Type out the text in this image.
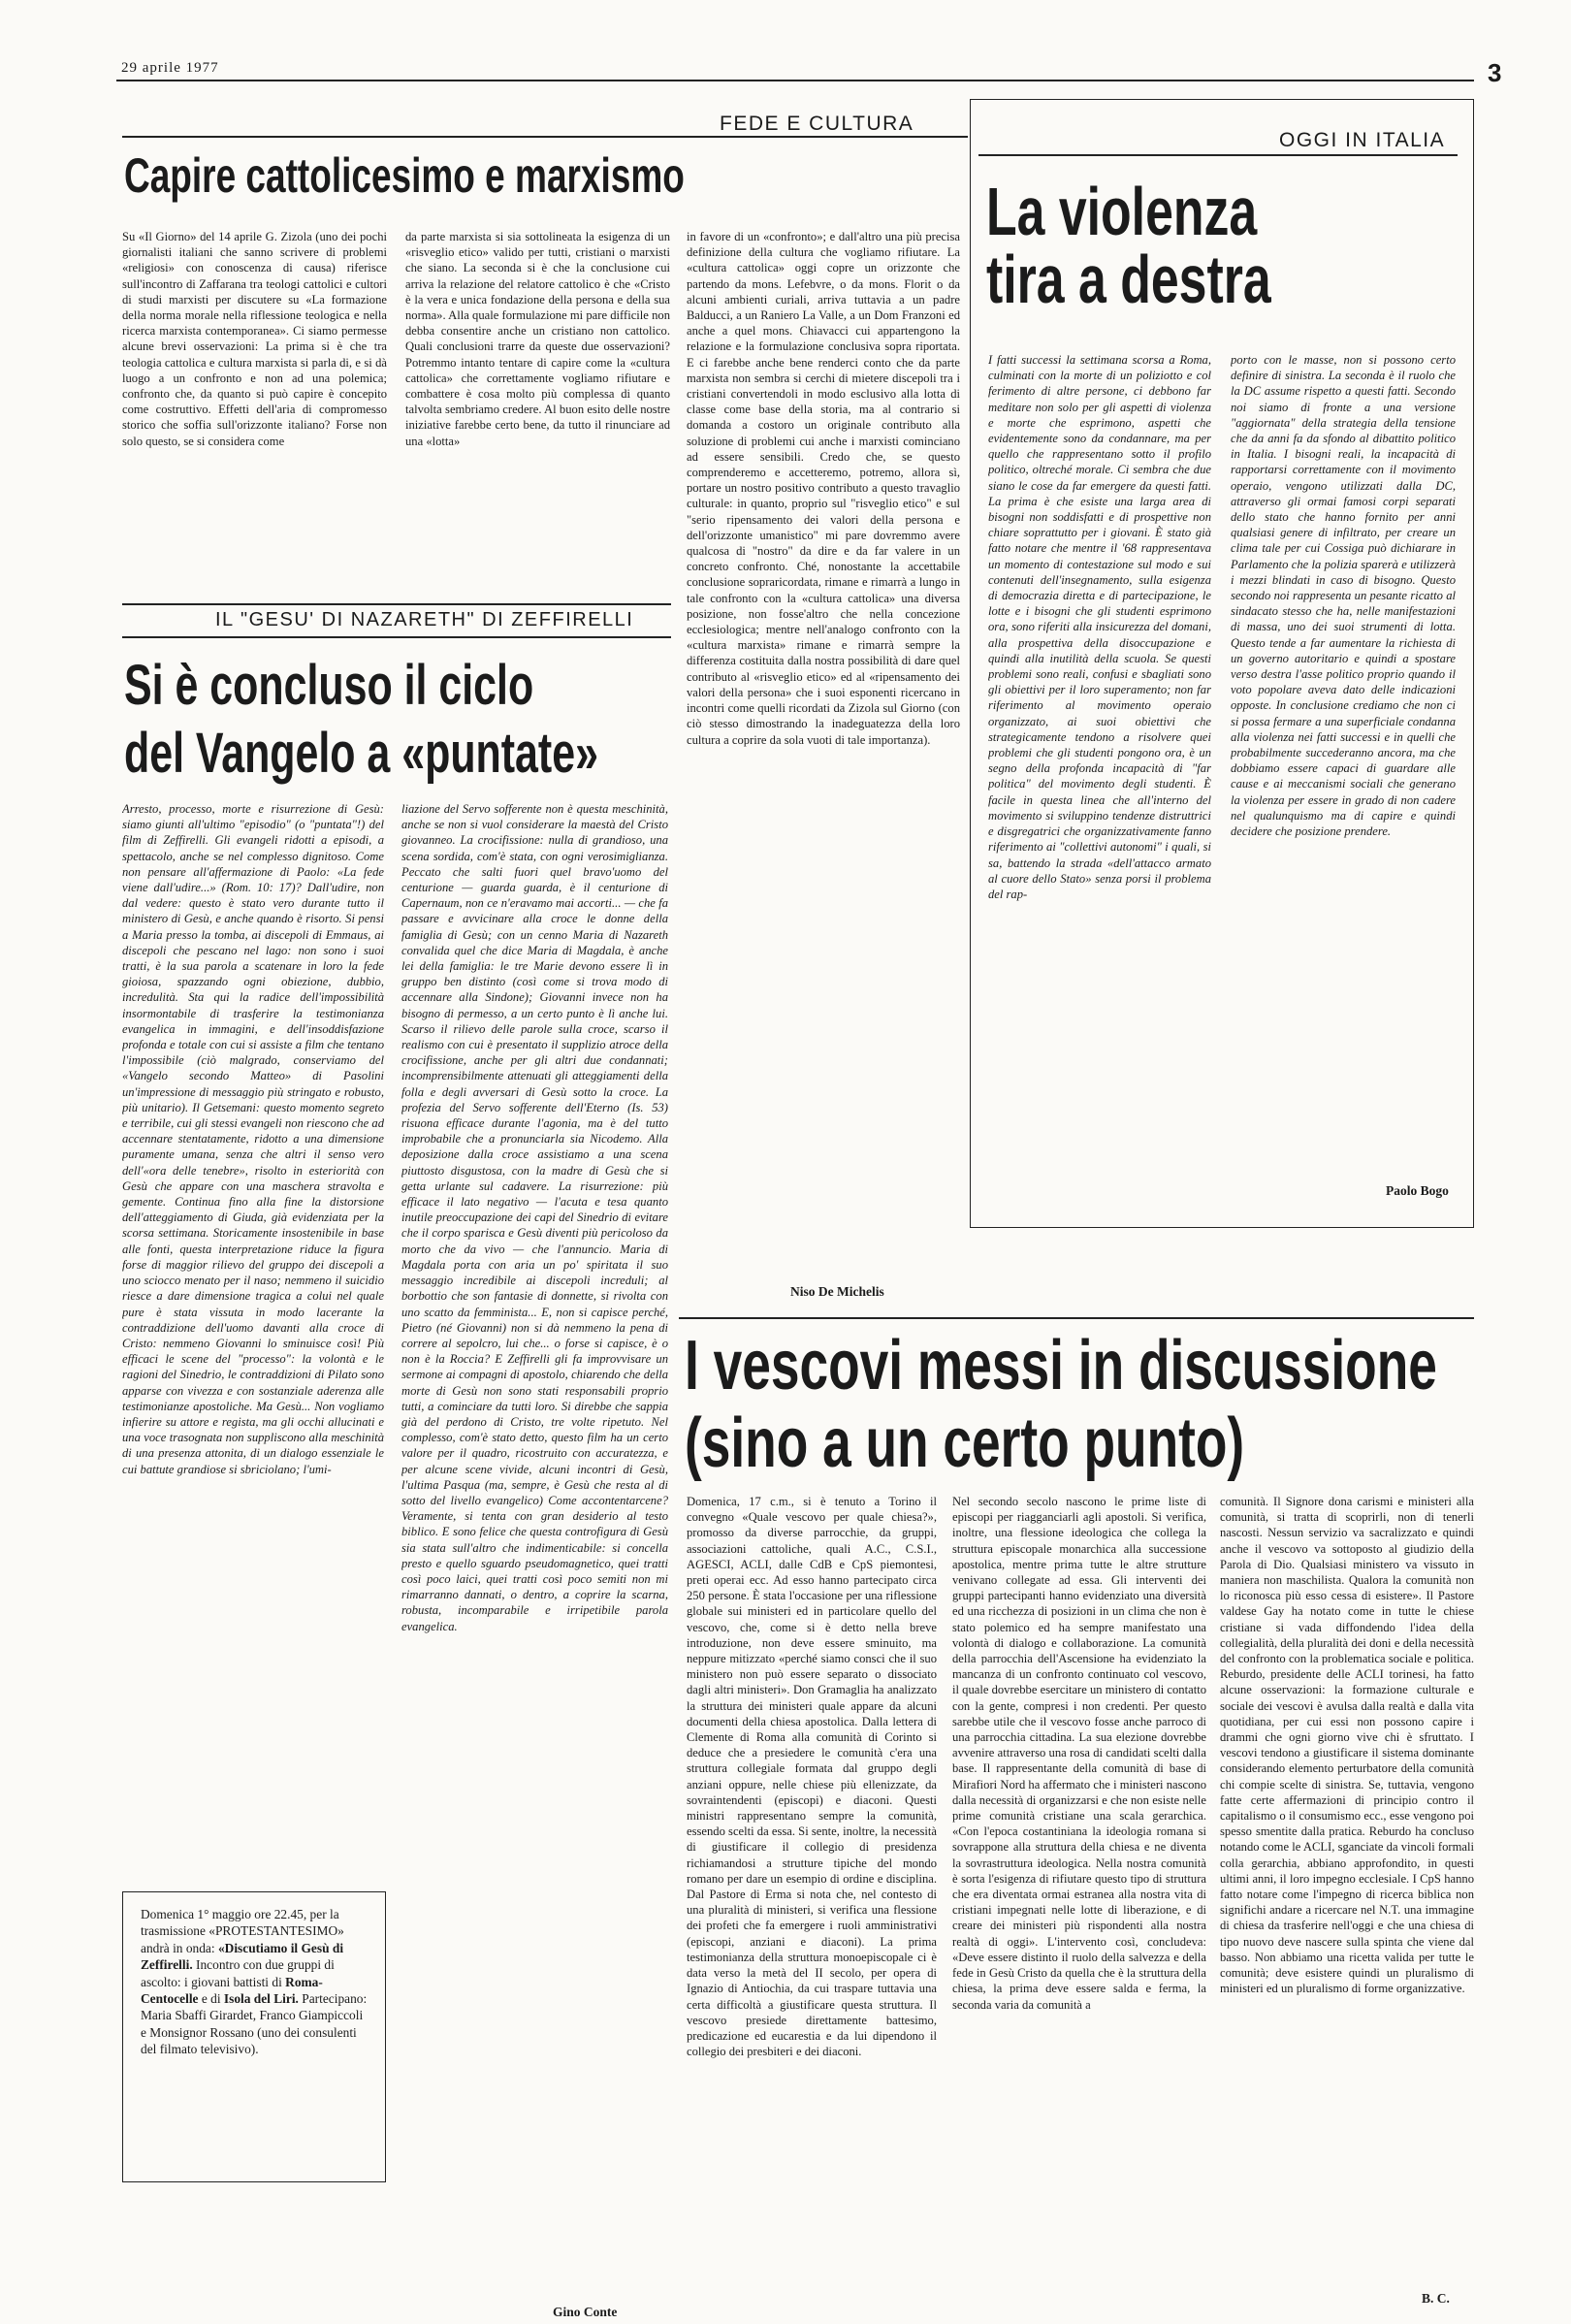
29 aprile 1977	3
FEDE E CULTURA
Capire cattolicesimo e marxismo
Su «Il Giorno» del 14 aprile G. Zizola (uno dei pochi giornalisti italiani che sanno scrivere di problemi «religiosi» con conoscenza di causa) riferisce sull'incontro di Zaffarana tra teologi cattolici e cultori di studi marxisti per discutere su «La formazione della norma morale nella riflessione teologica e nella ricerca marxista contemporanea». Ci siamo permesse alcune brevi osservazioni: La prima si è che tra teologia cattolica e cultura marxista si parla di, e si dà luogo a un confronto e non ad una polemica; confronto che, da quanto si può capire è concepito come costruttivo. Effetti dell'aria di compromesso storico che soffia sull'orizzonte italiano? Forse non solo questo, se si considera come
da parte marxista si sia sottolineata la esigenza di un «risveglio etico» valido per tutti, cristiani o marxisti che siano. La seconda si è che la conclusione cui arriva la relazione del relatore cattolico è che «Cristo è la vera e unica fondazione della persona e della sua norma». Alla quale formulazione mi pare difficile non debba consentire anche un cristiano non cattolico. Quali conclusioni trarre da queste due osservazioni? Potremmo intanto tentare di capire come la «cultura cattolica» che correttamente vogliamo rifiutare e combattere è cosa molto più complessa di quanto talvolta sembriamo credere. Al buon esito delle nostre iniziative farebbe certo bene, da tutto il rinunciare ad una «lotta»
in favore di un «confronto»; e dall'altro una più precisa definizione della cultura che vogliamo rifiutare. La «cultura cattolica» oggi copre un orizzonte che partendo da mons. Lefebvre, o da mons. Florit o da alcuni ambienti curiali, arriva tuttavia a un padre Balducci, a un Raniero La Valle, a un Dom Franzoni ed anche a quel mons. Chiavacci cui appartengono la relazione e la formulazione conclusiva sopra riportata. E ci farebbe anche bene renderci conto che da parte marxista non sembra si cerchi di mietere discepoli tra i cristiani convertendoli in modo esclusivo alla lotta di classe come base della storia, ma al contrario si domanda a costoro un originale contributo alla soluzione di problemi cui anche i marxisti cominciano ad essere sensibili. Credo che, se questo comprenderemo e accetteremo, potremo, allora sì, portare un nostro positivo contributo a questo travaglio culturale: in quanto, proprio sul "risveglio etico" e sul "serio ripensamento dei valori della persona e dell'orizzonte umanistico" mi pare dovremmo avere qualcosa di "nostro" da dire e da far valere in un concreto confronto. Ché, nonostante la accettabile conclusione sopraricordata, rimane e rimarrà a lungo in tale confronto con la «cultura cattolica» una diversa posizione, non fosse'altro che nella concezione ecclesiologica; mentre nell'analogo confronto con la «cultura marxista» rimane e rimarrà sempre la differenza costituita dalla nostra possibilità di dare quel contributo al «risveglio etico» ed al «ripensamento dei valori della persona» che i suoi esponenti ricercano in incontri come quelli ricordati da Zizola sul Giorno (con ciò stesso dimostrando la inadeguatezza della loro cultura a coprire da sola vuoti di tale importanza).
Niso De Michelis
OGGI IN ITALIA
La violenza
tira a destra
I fatti successi la settimana scorsa a Roma, culminati con la morte di un poliziotto e col ferimento di altre persone, ci debbono far meditare non solo per gli aspetti di violenza e morte che esprimono, aspetti che evidentemente sono da condannare, ma per quello che rappresentano sotto il profilo politico, oltreché morale. Ci sembra che due siano le cose da far emergere da questi fatti. La prima è che esiste una larga area di bisogni non soddisfatti e di prospettive non chiare soprattutto per i giovani. È stato già fatto notare che mentre il '68 rappresentava un momento di contestazione sul modo e sui contenuti dell'insegnamento, sulla esigenza di democrazia diretta e di partecipazione, le lotte e i bisogni che gli studenti esprimono ora, sono riferiti alla insicurezza del domani, alla prospettiva della disoccupazione e quindi alla inutilità della scuola. Se questi problemi sono reali, confusi e sbagliati sono gli obiettivi per il loro superamento; non far riferimento al movimento operaio organizzato, ai suoi obiettivi che strategicamente tendono a risolvere quei problemi che gli studenti pongono ora, è un segno della profonda incapacità di "far politica" del movimento degli studenti. È facile in questa linea che all'interno del movimento si sviluppino tendenze distruttrici e disgregatrici che organizzativamente fanno riferimento ai "collettivi autonomi" i quali, si sa, battendo la strada «dell'attacco armato al cuore dello Stato» senza porsi il problema del rap-
porto con le masse, non si possono certo definire di sinistra. La seconda è il ruolo che la DC assume rispetto a questi fatti. Secondo noi siamo di fronte a una versione "aggiornata" della strategia della tensione che da anni fa da sfondo al dibattito politico in Italia. I bisogni reali, la incapacità di rapportarsi correttamente con il movimento operaio, vengono utilizzati dalla DC, attraverso gli ormai famosi corpi separati dello stato che hanno fornito per anni qualsiasi genere di infiltrato, per creare un clima tale per cui Cossiga può dichiarare in Parlamento che la polizia sparerà e utilizzerà i mezzi blindati in caso di bisogno. Questo secondo noi rappresenta un pesante ricatto al sindacato stesso che ha, nelle manifestazioni di massa, uno dei suoi strumenti di lotta. Questo tende a far aumentare la richiesta di un governo autoritario e quindi a spostare verso destra l'asse politico proprio quando il voto popolare aveva dato delle indicazioni opposte. In conclusione crediamo che non ci si possa fermare a una superficiale condanna alla violenza nei fatti successi e in quelli che probabilmente succederanno ancora, ma che dobbiamo essere capaci di guardare alle cause e ai meccanismi sociali che generano la violenza per essere in grado di non cadere nel qualunquismo ma di capire e quindi decidere che posizione prendere.
Paolo Bogo
IL "GESU' DI NAZARETH" DI ZEFFIRELLI
Si è concluso il ciclo
del Vangelo a «puntate»
Arresto, processo, morte e risurrezione di Gesù: siamo giunti all'ultimo "episodio" (o "puntata"!) del film di Zeffirelli. Gli evangeli ridotti a episodi, a spettacolo, anche se nel complesso dignitoso. Come non pensare all'affermazione di Paolo: «La fede viene dall'udire...» (Rom. 10: 17)? Dall'udire, non dal vedere: questo è stato vero durante tutto il ministero di Gesù, e anche quando è risorto. Si pensi a Maria presso la tomba, ai discepoli di Emmaus, ai discepoli che pescano nel lago: non sono i suoi tratti, è la sua parola a scatenare in loro la fede gioiosa, spazzando ogni obiezione, dubbio, incredulità. Sta qui la radice dell'impossibilità insormontabile di trasferire la testimonianza evangelica in immagini, e dell'insoddisfazione profonda e totale con cui si assiste a film che tentano l'impossibile (ciò malgrado, conserviamo del «Vangelo secondo Matteo» di Pasolini un'impressione di messaggio più stringato e robusto, più unitario). Il Getsemani: questo momento segreto e terribile, cui gli stessi evangeli non riescono che ad accennare stentatamente, ridotto a una dimensione puramente umana, senza che altri il senso vero dell'«ora delle tenebre», risolto in esteriorità con Gesù che appare con una maschera stravolta e gemente. Continua fino alla fine la distorsione dell'atteggiamento di Giuda, già evidenziata per la scorsa settimana. Storicamente insostenibile in base alle fonti, questa interpretazione riduce la figura forse di maggior rilievo del gruppo dei discepoli a uno sciocco menato per il naso; nemmeno il suicidio riesce a dare dimensione tragica a colui nel quale pure è stata vissuta in modo lacerante la contraddizione dell'uomo davanti alla croce di Cristo: nemmeno Giovanni lo sminuisce così! Più efficaci le scene del "processo": la volontà e le ragioni del Sinedrio, le contraddizioni di Pilato sono apparse con vivezza e con sostanziale aderenza alle testimonianze apostoliche. Ma Gesù... Non vogliamo infierire su attore e regista, ma gli occhi allucinati e una voce trasognata non suppliscono alla meschinità di una presenza attonita, di un dialogo essenziale le cui battute grandiose si sbriciolano; l'umi-
liazione del Servo sofferente non è questa meschinità, anche se non si vuol considerare la maestà del Cristo giovanneo. La crocifissione: nulla di grandioso, una scena sordida, com'è stata, con ogni verosimiglianza. Peccato che salti fuori quel bravo'uomo del centurione — guarda guarda, è il centurione di Capernaum, non ce n'eravamo mai accorti... — che fa passare e avvicinare alla croce le donne della famiglia di Gesù; con un cenno Maria di Nazareth convalida quel che dice Maria di Magdala, è anche lei della famiglia: le tre Marie devono essere lì in gruppo ben distinto (così come si trova modo di accennare alla Sindone); Giovanni invece non ha bisogno di permesso, a un certo punto è lì anche lui. Scarso il rilievo delle parole sulla croce, scarso il realismo con cui è presentato il supplizio atroce della crocifissione, anche per gli altri due condannati; incomprensibilmente attenuati gli atteggiamenti della folla e degli avversari di Gesù sotto la croce. La profezia del Servo sofferente dell'Eterno (Is. 53) risuona efficace durante l'agonia, ma è del tutto improbabile che a pronunciarla sia Nicodemo. Alla deposizione dalla croce assistiamo a una scena piuttosto disgustosa, con la madre di Gesù che si getta urlante sul cadavere. La risurrezione: più efficace il lato negativo — l'acuta e tesa quanto inutile preoccupazione dei capi del Sinedrio di evitare che il corpo sparisca e Gesù diventi più pericoloso da morto che da vivo — che l'annuncio. Maria di Magdala porta con aria un po' spiritata il suo messaggio incredibile ai discepoli increduli; al borbottio che son fantasie di donnette, si rivolta con uno scatto da femminista... E, non si capisce perché, Pietro (né Giovanni) non si dà nemmeno la pena di correre al sepolcro, lui che... o forse si capisce, è o non è la Roccia? E Zeffirelli gli fa improvvisare un sermone ai compagni di apostolo, chiarendo che della morte di Gesù non sono stati responsabili proprio tutti, a cominciare da tutti loro. Si direbbe che sappia già del perdono di Cristo, tre volte ripetuto. Nel complesso, com'è stato detto, questo film ha un certo valore per il quadro, ricostruito con accuratezza, e per alcune scene vivide, alcuni incontri di Gesù, l'ultima Pasqua (ma, sempre, è Gesù che resta al di sotto del livello evangelico) Come accontentarcene? Veramente, si tenta con gran desiderio al testo biblico. E sono felice che questa controfigura di Gesù sia stata sull'altro che indimenticabile: si concella presto e quello sguardo pseudomagnetico, quei tratti così poco laici, quei tratti così poco semiti non mi rimarranno dannati, o dentro, a coprire la scarna, robusta, incomparabile e irripetibile parola evangelica.
Gino Conte
Domenica 1° maggio ore 22.45, per la trasmissione «PROTESTANTESIMO» andrà in onda: «Discutiamo il Gesù di Zeffirelli. Incontro con due gruppi di ascolto: i giovani battisti di Roma-Centocelle e di Isola del Liri. Partecipano: Maria Sbaffi Girardet, Franco Giampiccoli e Monsignor Rossano (uno dei consulenti del filmato televisivo).
I vescovi messi in discussione
(sino a un certo punto)
Domenica, 17 c.m., si è tenuto a Torino il convegno «Quale vescovo per quale chiesa?», promosso da diverse parrocchie, da gruppi, associazioni cattoliche, quali A.C., C.S.I., AGESCI, ACLI, dalle CdB e CpS piemontesi, preti operai ecc. Ad esso hanno partecipato circa 250 persone. È stata l'occasione per una riflessione globale sui ministeri ed in particolare quello del vescovo, che, come si è detto nella breve introduzione, non deve essere sminuito, ma neppure mitizzato «perché siamo consci che il suo ministero non può essere separato o dissociato dagli altri ministeri». Don Gramaglia ha analizzato la struttura dei ministeri quale appare da alcuni documenti della chiesa apostolica. Dalla lettera di Clemente di Roma alla comunità di Corinto si deduce che a presiedere le comunità c'era una struttura collegiale formata dal gruppo degli anziani oppure, nelle chiese più ellenizzate, da sovraintendenti (episcopi) e diaconi. Questi ministri rappresentano sempre la comunità, essendo scelti da essa. Si sente, inoltre, la necessità di giustificare il collegio di presidenza richiamandosi a strutture tipiche del mondo romano per dare un esempio di ordine e disciplina. Dal Pastore di Erma si nota che, nel contesto di una pluralità di ministeri, si verifica una flessione dei profeti che fa emergere i ruoli amministrativi (episcopi, anziani e diaconi). La prima testimonianza della struttura monoepiscopale ci è data verso la metà del II secolo, per opera di Ignazio di Antiochia, da cui traspare tuttavia una certa difficoltà a giustificare questa struttura. Il vescovo presiede direttamente battesimo, predicazione ed eucarestia e da lui dipendono il collegio dei presbiteri e dei diaconi.
Nel secondo secolo nascono le prime liste di episcopi per riagganciarli agli apostoli. Si verifica, inoltre, una flessione ideologica che collega la struttura episcopale monarchica alla successione apostolica, mentre prima tutte le altre strutture venivano collegate ad essa. Gli interventi dei gruppi partecipanti hanno evidenziato una diversità ed una ricchezza di posizioni in un clima che non è stato polemico ed ha sempre manifestato una volontà di dialogo e collaborazione. La comunità della parrocchia dell'Ascensione ha evidenziato la mancanza di un confronto continuato col vescovo, il quale dovrebbe esercitare un ministero di contatto con la gente, compresi i non credenti. Per questo sarebbe utile che il vescovo fosse anche parroco di una parrocchia cittadina. La sua elezione dovrebbe avvenire attraverso una rosa di candidati scelti dalla base. Il rappresentante della comunità di base di Mirafiori Nord ha affermato che i ministeri nascono dalla necessità di organizzarsi e che non esiste nelle prime comunità cristiane una scala gerarchica. «Con l'epoca costantiniana la ideologia romana si sovrappone alla struttura della chiesa e ne diventa la sovrastruttura ideologica. Nella nostra comunità è sorta l'esigenza di rifiutare questo tipo di struttura che era diventata ormai estranea alla nostra vita di cristiani impegnati nelle lotte di liberazione, e di creare dei ministeri più rispondenti alla nostra realtà di oggi». L'intervento così, concludeva: «Deve essere distinto il ruolo della salvezza e della fede in Gesù Cristo da quella che è la struttura della chiesa, la prima deve essere salda e ferma, la seconda varia da comunità a
comunità. Il Signore dona carismi e ministeri alla comunità, si tratta di scoprirli, non di tenerli nascosti. Nessun servizio va sacralizzato e quindi anche il vescovo va sottoposto al giudizio della Parola di Dio. Qualsiasi ministero va vissuto in maniera non maschilista. Qualora la comunità non lo riconosca più esso cessa di esistere». Il Pastore valdese Gay ha notato come in tutte le chiese cristiane si vada diffondendo l'idea della collegialità, della pluralità dei doni e della necessità del confronto con la problematica sociale e politica. Reburdo, presidente delle ACLI torinesi, ha fatto alcune osservazioni: la formazione culturale e sociale dei vescovi è avulsa dalla realtà e dalla vita quotidiana, per cui essi non possono capire i drammi che ogni giorno vive chi è sfruttato. I vescovi tendono a giustificare il sistema dominante considerando elemento perturbatore della comunità chi compie scelte di sinistra. Se, tuttavia, vengono fatte certe affermazioni di principio contro il capitalismo o il consumismo ecc., esse vengono poi spesso smentite dalla pratica. Reburdo ha concluso notando come le ACLI, sganciate da vincoli formali colla gerarchia, abbiano approfondito, in questi ultimi anni, il loro impegno ecclesiale. I CpS hanno fatto notare come l'impegno di ricerca biblica non significhi andare a ricercare nel N.T. una immagine di chiesa da trasferire nell'oggi e che una chiesa di tipo nuovo deve nascere sulla spinta che viene dal basso. Non abbiamo una ricetta valida per tutte le comunità; deve esistere quindi un pluralismo di ministeri ed un pluralismo di forme organizzative.
B. C.
